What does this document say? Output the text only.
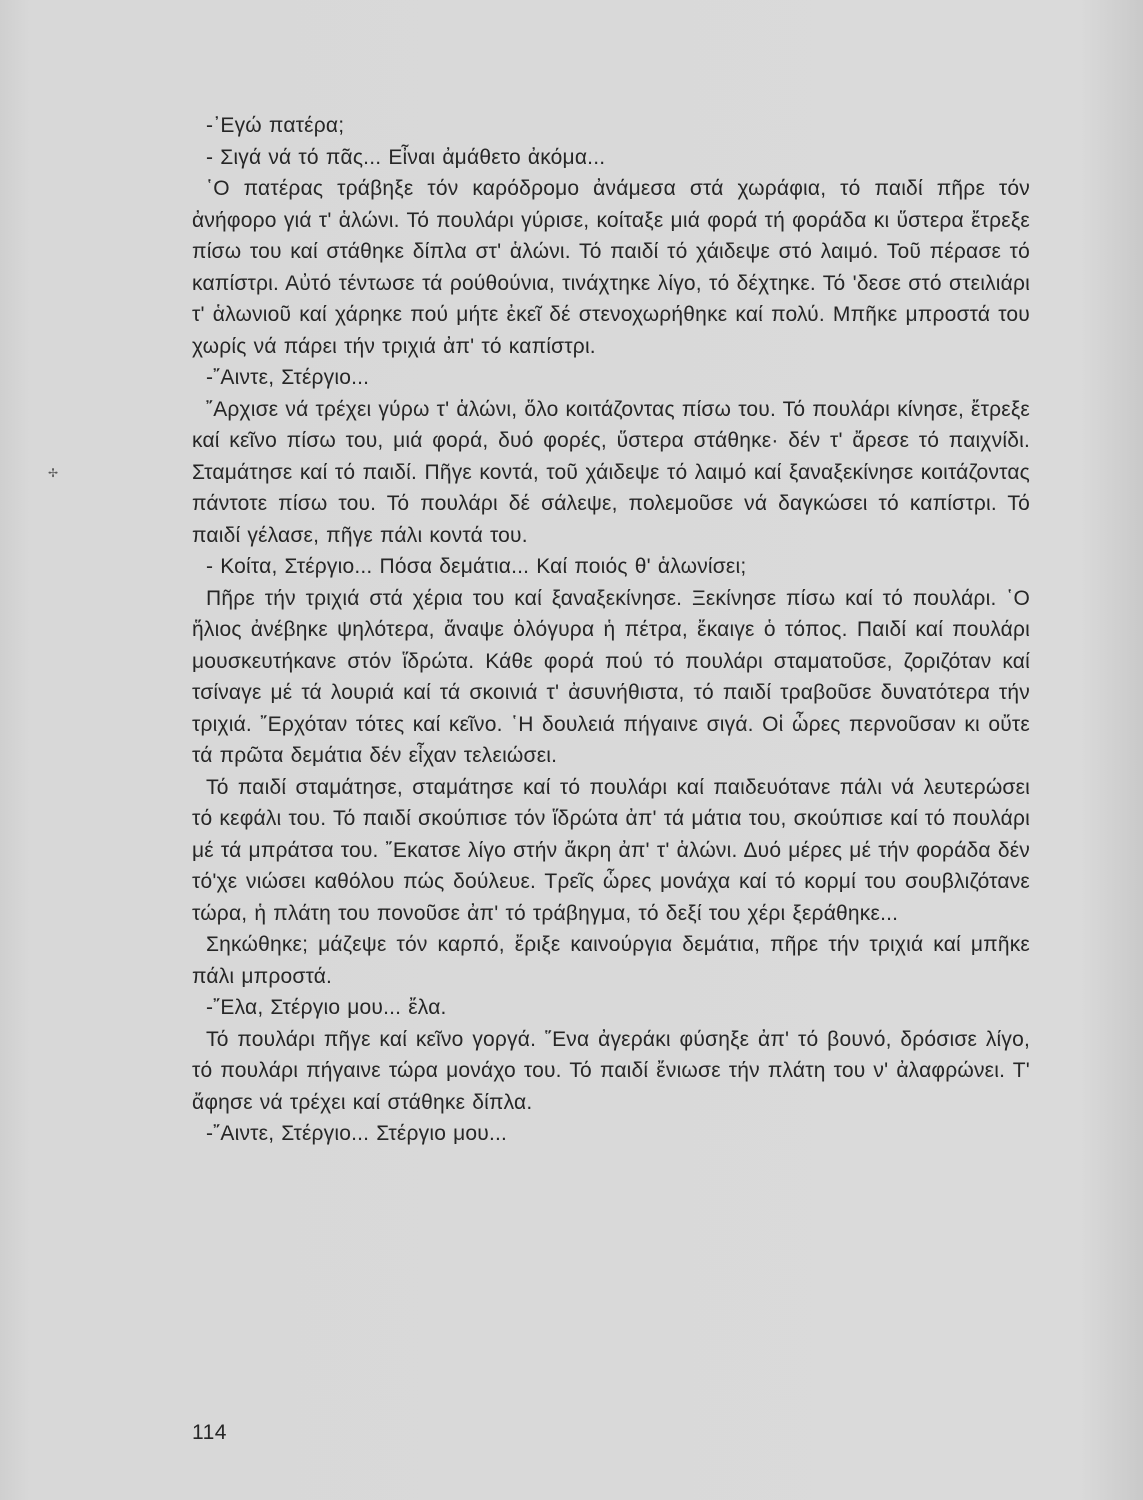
✢

-᾿Εγώ πατέρα;

- Σιγά νά τό πᾶς... Εἶναι ἀμάθετο ἀκόμα...

῾Ο πατέρας τράβηξε τόν καρόδρομο ἀνάμεσα στά χωράφια, τό παιδί πῆρε τόν ἀνήφορο γιά τ' ἁλώνι. Τό πουλάρι γύρισε, κοίταξε μιά φορά τή φοράδα κι ὕστερα ἔτρεξε πίσω του καί στάθηκε δίπλα στ' ἁλώνι. Τό παιδί τό χάιδεψε στό λαιμό. Τοῦ πέρασε τό καπίστρι. Αὐτό τέντωσε τά ρούθούνια, τινάχτηκε λίγο, τό δέχτηκε. Τό 'δεσε στό στειλιάρι τ' ἁλωνιοῦ καί χάρηκε πού μήτε ἐκεῖ δέ στενοχωρήθηκε καί πολύ. Μπῆκε μπροστά του χωρίς νά πάρει τήν τριχιά ἀπ' τό καπίστρι.

-῎Αιντε, Στέργιο...

῎Αρχισε νά τρέχει γύρω τ' ἁλώνι, ὅλο κοιτάζοντας πίσω του. Τό πουλάρι κίνησε, ἔτρεξε καί κεῖνο πίσω του, μιά φορά, δυό φορές, ὕστερα στάθηκε· δέν τ' ἄρεσε τό παιχνίδι. Σταμάτησε καί τό παιδί. Πῆγε κοντά, τοῦ χάιδεψε τό λαιμό καί ξαναξεκίνησε κοιτάζοντας πάντοτε πίσω του. Τό πουλάρι δέ σάλεψε, πολεμοῦσε νά δαγκώσει τό καπίστρι. Τό παιδί γέλασε, πῆγε πάλι κοντά του.

- Κοίτα, Στέργιο... Πόσα δεμάτια... Καί ποιός θ' ἁλωνίσει;

Πῆρε τήν τριχιά στά χέρια του καί ξαναξεκίνησε. Ξεκίνησε πίσω καί τό πουλάρι. ῾Ο ἥλιος ἀνέβηκε ψηλότερα, ἄναψε ὁλόγυρα ἡ πέτρα, ἔκαιγε ὁ τόπος. Παιδί καί πουλάρι μουσκευτήκανε στόν ἵδρώτα. Κάθε φορά πού τό πουλάρι σταματοῦσε, ζοριζόταν καί τσίναγε μέ τά λουριά καί τά σκοινιά τ' ἀσυνήθιστα, τό παιδί τραβοῦσε δυνατότερα τήν τριχιά. ῎Ερχόταν τότες καί κεῖνο. ῾Η δουλειά πήγαινε σιγά. Οἱ ὧρες περνοῦσαν κι οὔτε τά πρῶτα δεμάτια δέν εἶχαν τελειώσει.

Τό παιδί σταμάτησε, σταμάτησε καί τό πουλάρι καί παιδευότανε πάλι νά λευτερώσει τό κεφάλι του. Τό παιδί σκούπισε τόν ἵδρώτα ἀπ' τά μάτια του, σκούπισε καί τό πουλάρι μέ τά μπράτσα του. ῎Εκατσε λίγο στήν ἄκρη ἀπ' τ' ἁλώνι. Δυό μέρες μέ τήν φοράδα δέν τό'χε νιώσει καθόλου πώς δούλευε. Τρεῖς ὧρες μονάχα καί τό κορμί του σουβλιζότανε τώρα, ἡ πλάτη του πονοῦσε ἀπ' τό τράβηγμα, τό δεξί του χέρι ξεράθηκε...

Σηκώθηκε; μάζεψε τόν καρπό, ἔριξε καινούργια δεμάτια, πῆρε τήν τριχιά καί μπῆκε πάλι μπροστά.

-῎Ελα, Στέργιο μου... ἔλα.

Τό πουλάρι πῆγε καί κεῖνο γοργά. ῞Ενα ἀγεράκι φύσηξε ἀπ' τό βουνό, δρόσισε λίγο, τό πουλάρι πήγαινε τώρα μονάχο του. Τό παιδί ἔνιωσε τήν πλάτη του ν' ἀλαφρώνει. Τ' ἄφησε νά τρέχει καί στάθηκε δίπλα.

-῎Αιντε, Στέργιο... Στέργιο μου...

114
